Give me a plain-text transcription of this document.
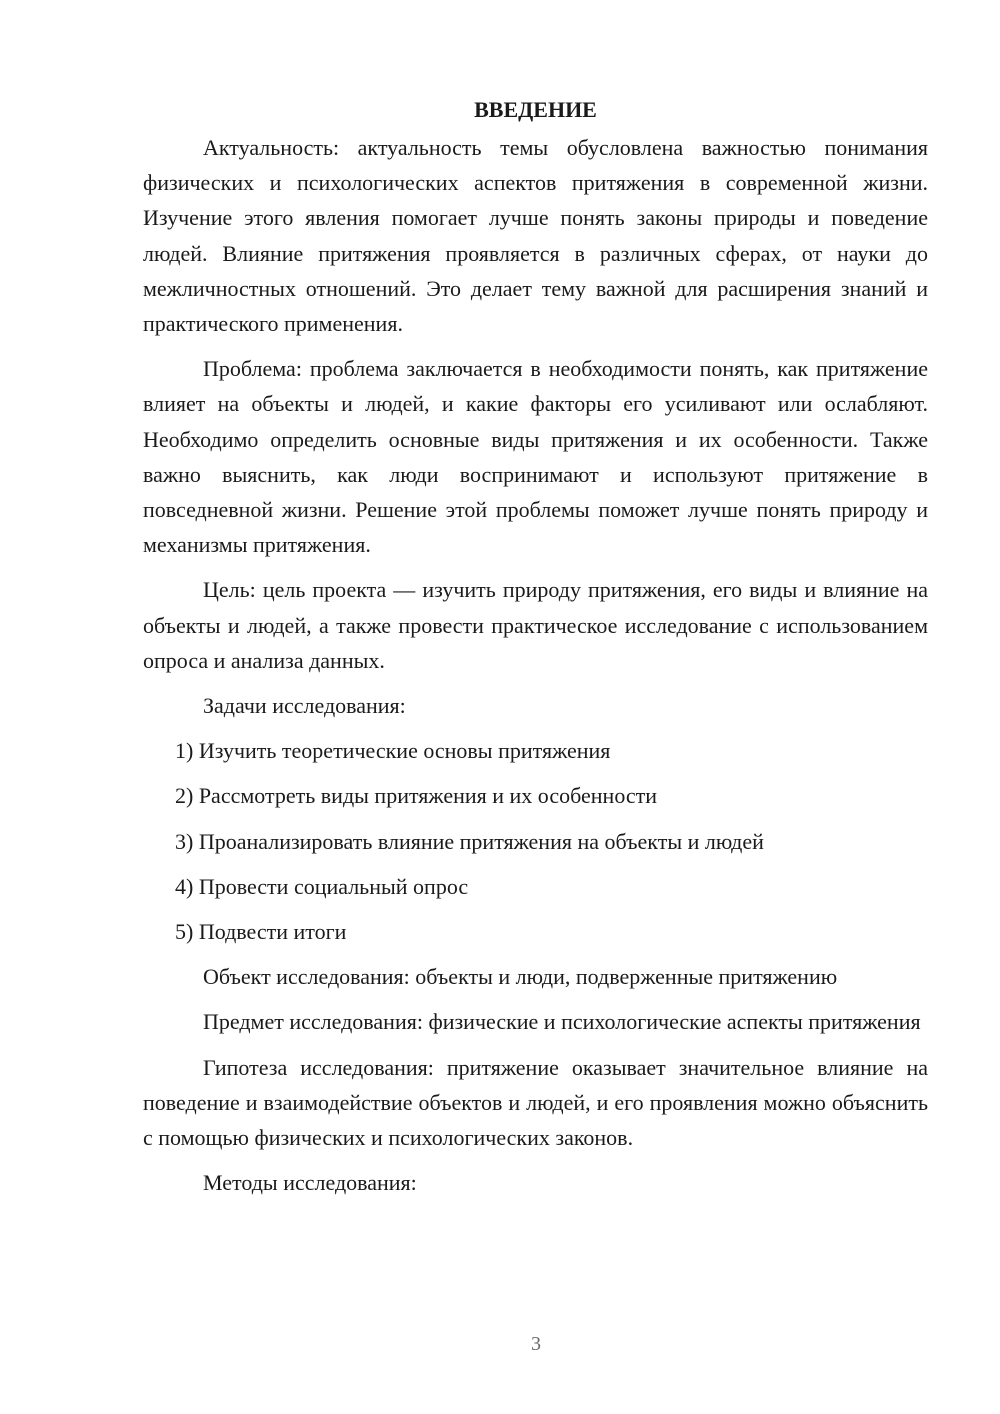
ВВЕДЕНИЕ

Актуальность: актуальность темы обусловлена важностью понимания физических и психологических аспектов притяжения в современной жизни. Изучение этого явления помогает лучше понять законы природы и поведение людей. Влияние притяжения проявляется в различных сферах, от науки до межличностных отношений. Это делает тему важной для расширения знаний и практического применения.

Проблема: проблема заключается в необходимости понять, как притяжение влияет на объекты и людей, и какие факторы его усиливают или ослабляют. Необходимо определить основные виды притяжения и их особенности. Также важно выяснить, как люди воспринимают и используют притяжение в повседневной жизни. Решение этой проблемы поможет лучше понять природу и механизмы притяжения.

Цель: цель проекта — изучить природу притяжения, его виды и влияние на объекты и людей, а также провести практическое исследование с использованием опроса и анализа данных.

Задачи исследования:

1) Изучить теоретические основы притяжения
2) Рассмотреть виды притяжения и их особенности
3) Проанализировать влияние притяжения на объекты и людей
4) Провести социальный опрос
5) Подвести итоги

Объект исследования: объекты и люди, подверженные притяжению

Предмет исследования: физические и психологические аспекты притяжения

Гипотеза исследования: притяжение оказывает значительное влияние на поведение и взаимодействие объектов и людей, и его проявления можно объяснить с помощью физических и психологических законов.

Методы исследования:

3
